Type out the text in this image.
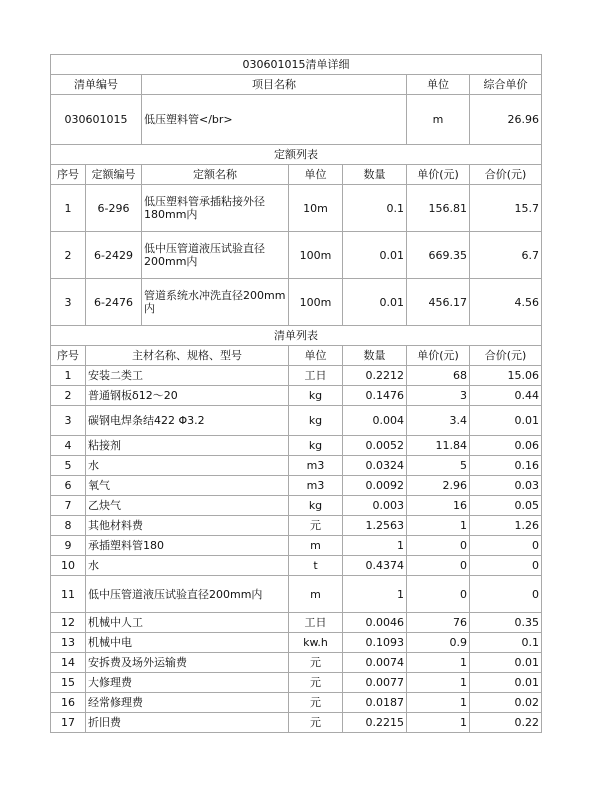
030601015清单详细						
清单编号		项目名称			单位	综合单价
030601015		低压塑料管</br>			m	26.96
定额列表						
序号	定额编号	定额名称	单位	数量	单价(元)	合价(元)
1	6-296	低压塑料管承插粘接外径180mm内	10m	0.1	156.81	15.7
2	6-2429	低中压管道液压试验直径200mm内	100m	0.01	669.35	6.7
3	6-2476	管道系统水冲洗直径200mm内	100m	0.01	456.17	4.56
清单列表						
序号	主材名称、规格、型号		单位	数量	单价(元)	合价(元)
1	安装二类工		工日	0.2212	68	15.06
2	普通钢板δ12～20		kg	0.1476	3	0.44
3	碳钢电焊条结422 Φ3.2		kg	0.004	3.4	0.01
4	粘接剂		kg	0.0052	11.84	0.06
5	水		m3	0.0324	5	0.16
6	氧气		m3	0.0092	2.96	0.03
7	乙炔气		kg	0.003	16	0.05
8	其他材料费		元	1.2563	1	1.26
9	承插塑料管180		m	1	0	0
10	水		t	0.4374	0	0
11	低中压管道液压试验直径200mm内		m	1	0	0
12	机械中人工		工日	0.0046	76	0.35
13	机械中电		kw.h	0.1093	0.9	0.1
14	安拆费及场外运输费		元	0.0074	1	0.01
15	大修理费		元	0.0077	1	0.01
16	经常修理费		元	0.0187	1	0.02
17	折旧费		元	0.2215	1	0.22
